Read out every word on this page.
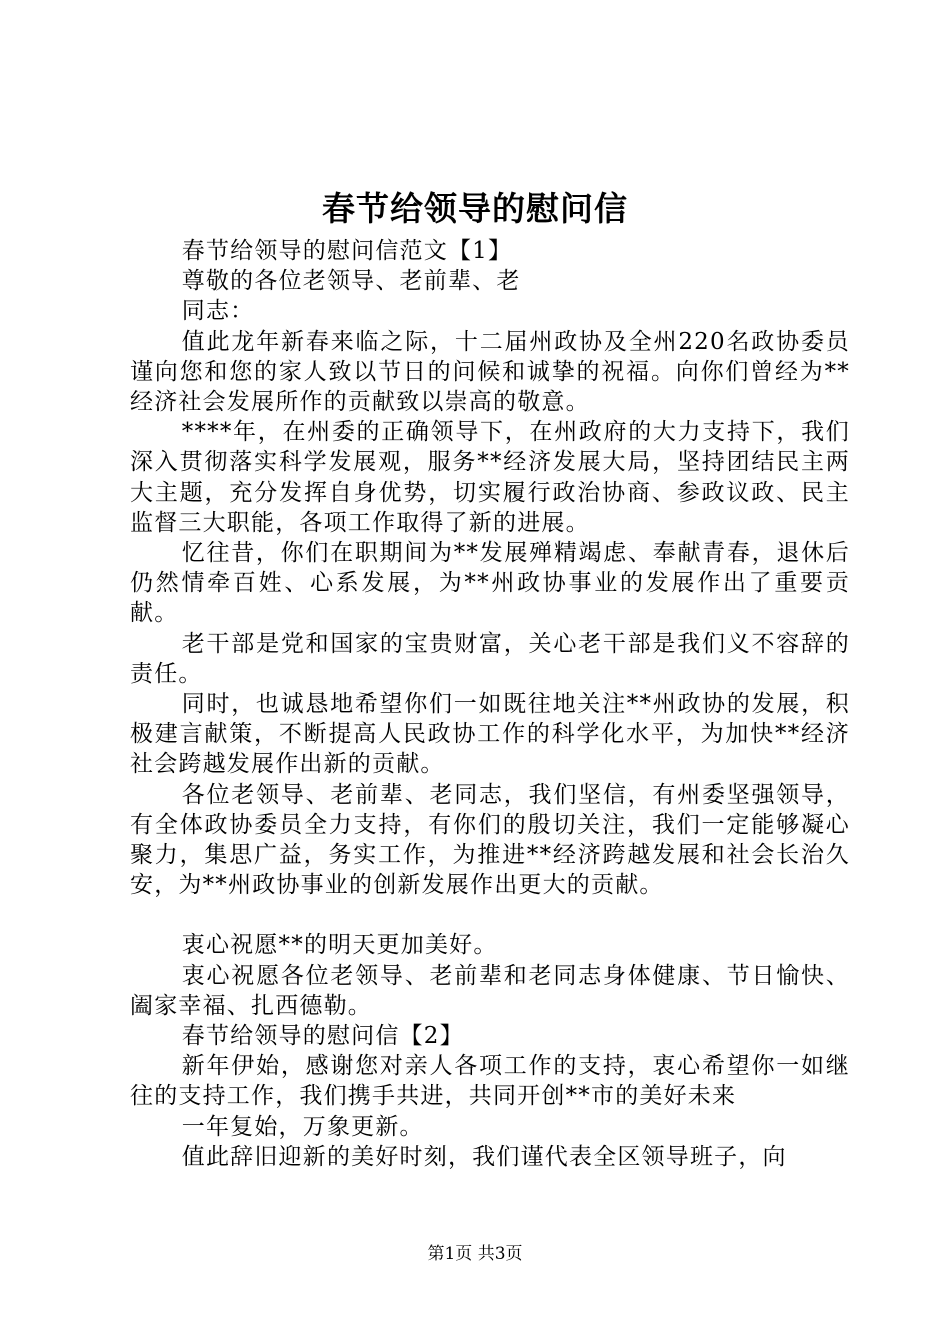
春节给领导的慰问信

春节给领导的慰问信范文【1】

尊敬的各位老领导、老前辈、老

同志：

值此龙年新春来临之际，十二届州政协及全州220名政协委员谨向您和您的家人致以节日的问候和诚挚的祝福。向你们曾经为**经济社会发展所作的贡献致以崇高的敬意。

****年，在州委的正确领导下，在州政府的大力支持下，我们深入贯彻落实科学发展观，服务**经济发展大局，坚持团结民主两大主题，充分发挥自身优势，切实履行政治协商、参政议政、民主监督三大职能，各项工作取得了新的进展。

忆往昔，你们在职期间为**发展殚精竭虑、奉献青春，退休后仍然情牵百姓、心系发展，为**州政协事业的发展作出了重要贡献。

老干部是党和国家的宝贵财富，关心老干部是我们义不容辞的责任。

同时，也诚恳地希望你们一如既往地关注**州政协的发展，积极建言献策，不断提高人民政协工作的科学化水平，为加快**经济社会跨越发展作出新的贡献。

各位老领导、老前辈、老同志，我们坚信，有州委坚强领导，有全体政协委员全力支持，有你们的殷切关注，我们一定能够凝心聚力，集思广益，务实工作，为推进**经济跨越发展和社会长治久安，为**州政协事业的创新发展作出更大的贡献。

衷心祝愿**的明天更加美好。

衷心祝愿各位老领导、老前辈和老同志身体健康、节日愉快、阖家幸福、扎西德勒。

春节给领导的慰问信【2】

新年伊始，感谢您对亲人各项工作的支持，衷心希望你一如继往的支持工作，我们携手共进，共同开创**市的美好未来

一年复始，万象更新。

值此辞旧迎新的美好时刻，我们谨代表全区领导班子，向

第1页 共3页
